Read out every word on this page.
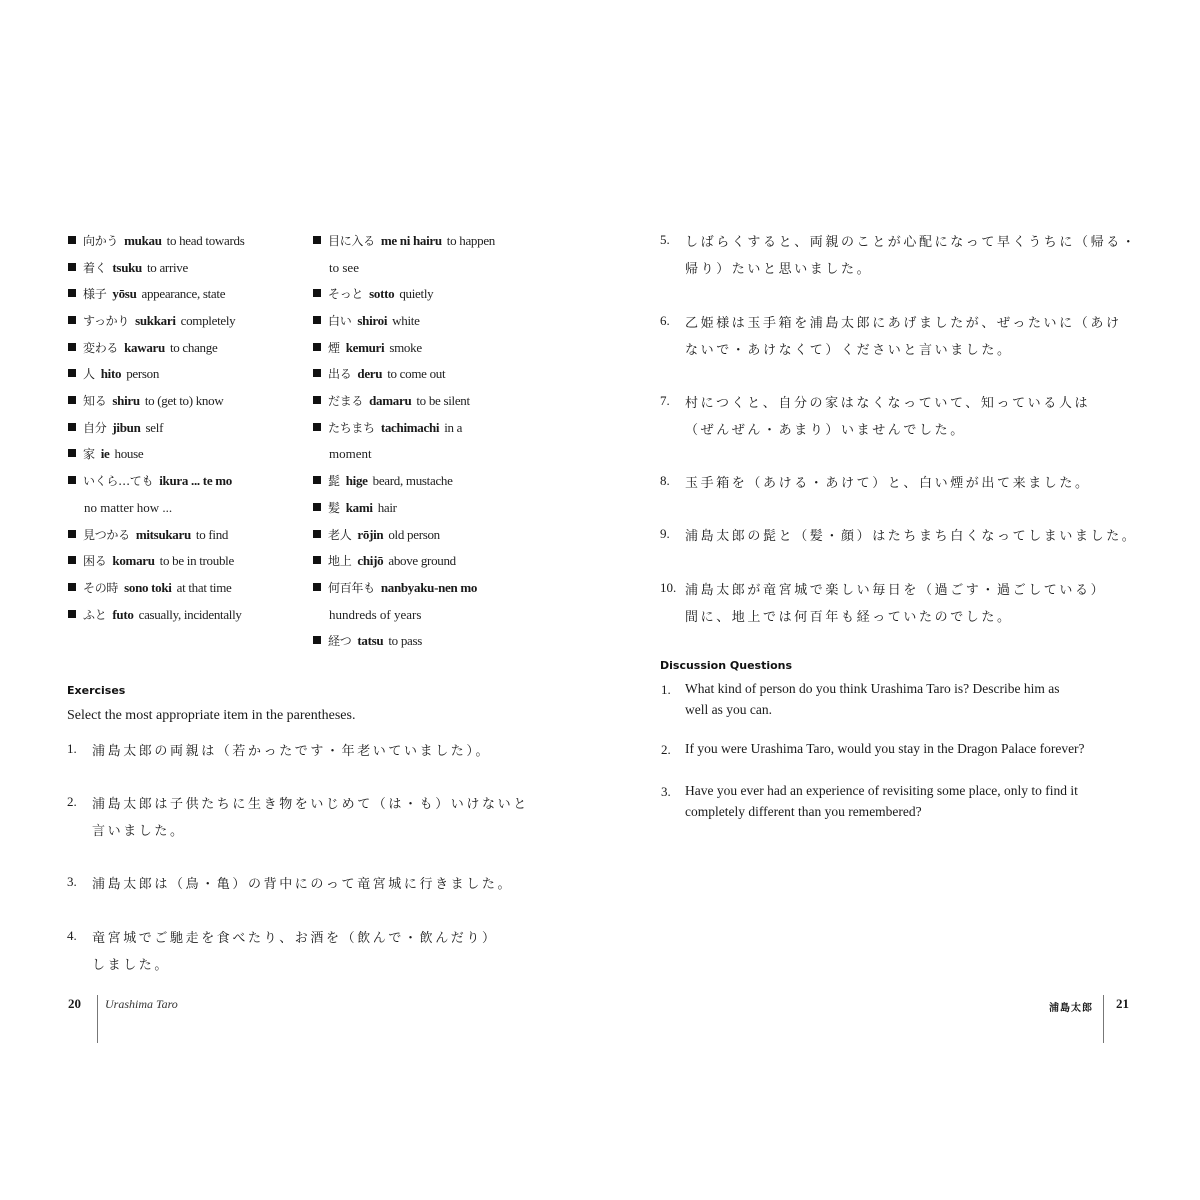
向かう mukau to head towards
着く tsuku to arrive
様子 yōsu appearance, state
すっかり sukkari completely
変わる kawaru to change
人 hito person
知る shiru to (get to) know
自分 jibun self
家 ie house
いくら…ても ikura ... te mo
no matter how ...
見つかる mitsukaru to find
困る komaru to be in trouble
その時 sono toki at that time
ふと futo casually, incidentally
目に入る me ni hairu to happen
to see
そっと sotto quietly
白い shiroi white
煙 kemuri smoke
出る deru to come out
だまる damaru to be silent
たちまち tachimachi in a
moment
髭 hige beard, mustache
髪 kami hair
老人 rōjin old person
地上 chijō above ground
何百年も nanbyaku-nen mo
hundreds of years
経つ tatsu to pass
Exercises
Select the most appropriate item in the parentheses.
1. 浦島太郎の両親は（若かったです・年老いていました）。
2. 浦島太郎は子供たちに生き物をいじめて（は・も）いけないと
言いました。
3. 浦島太郎は（鳥・亀）の背中にのって竜宮城に行きました。
4. 竜宮城でご馳走を食べたり、お酒を（飲んで・飲んだり）
しました。
20 Urashima Taro
5. しばらくすると、両親のことが心配になって早くうちに（帰る・
帰り）たいと思いました。
6. 乙姫様は玉手箱を浦島太郎にあげましたが、ぜったいに（あけ
ないで・あけなくて）くださいと言いました。
7. 村につくと、自分の家はなくなっていて、知っている人は
（ぜんぜん・あまり）いませんでした。
8. 玉手箱を（あける・あけて）と、白い煙が出て来ました。
9. 浦島太郎の髭と（髪・顔）はたちまち白くなってしまいました。
10. 浦島太郎が竜宮城で楽しい毎日を（過ごす・過ごしている）
間に、地上では何百年も経っていたのでした。
Discussion Questions
1. What kind of person do you think Urashima Taro is? Describe him as
well as you can.
2. If you were Urashima Taro, would you stay in the Dragon Palace forever?
3. Have you ever had an experience of revisiting some place, only to find it
completely different than you remembered?
浦島太郎 21
